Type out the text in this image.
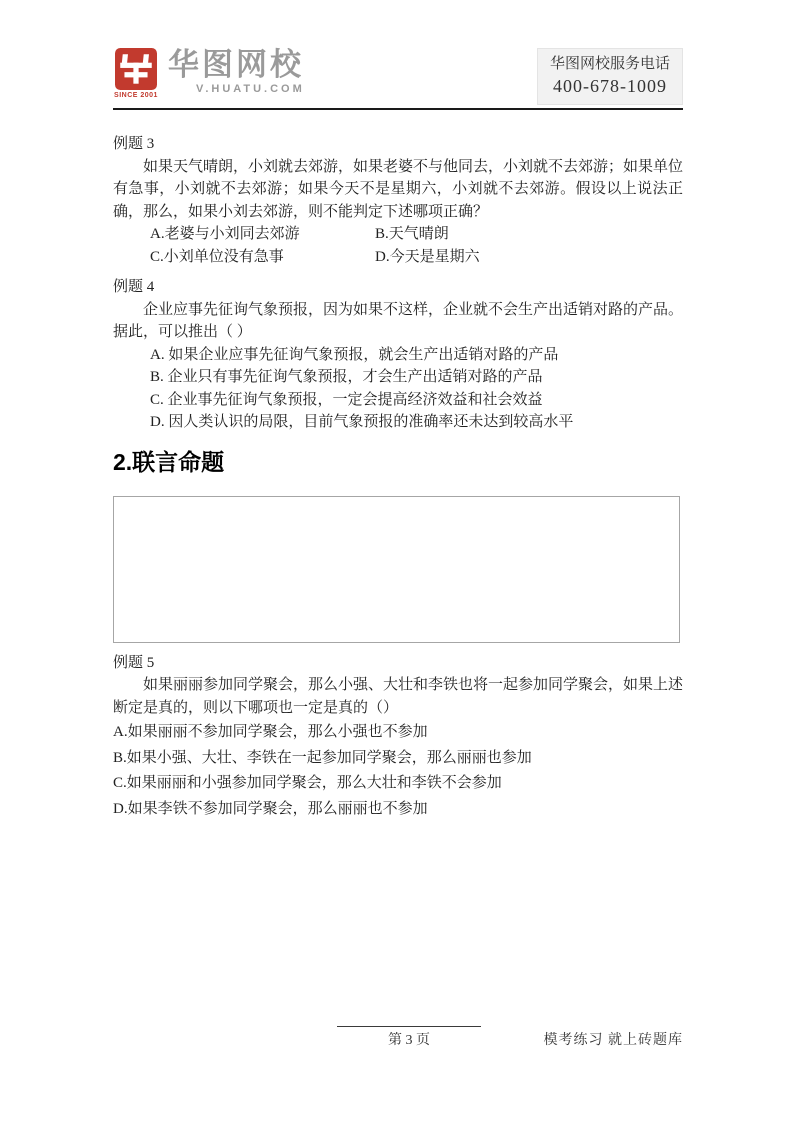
SINCE 2001
华图网校
V.HUATU.COM
华图网校服务电话
400-678-1009
例题 3
如果天气晴朗，小刘就去郊游，如果老婆不与他同去，小刘就不去郊游；如果单位有急事，小刘就不去郊游；如果今天不是星期六，小刘就不去郊游。假设以上说法正确，那么，如果小刘去郊游，则不能判定下述哪项正确？
A.老婆与小刘同去郊游	B.天气晴朗
C.小刘单位没有急事	D.今天是星期六
例题 4
企业应事先征询气象预报，因为如果不这样，企业就不会生产出适销对路的产品。据此，可以推出（ ）
A. 如果企业应事先征询气象预报，就会生产出适销对路的产品
B. 企业只有事先征询气象预报，才会生产出适销对路的产品
C. 企业事先征询气象预报，一定会提高经济效益和社会效益
D. 因人类认识的局限，目前气象预报的准确率还未达到较高水平
2.联言命题
例题 5
如果丽丽参加同学聚会，那么小强、大壮和李铁也将一起参加同学聚会，如果上述断定是真的，则以下哪项也一定是真的（）
A.如果丽丽不参加同学聚会，那么小强也不参加
B.如果小强、大壮、李铁在一起参加同学聚会，那么丽丽也参加
C.如果丽丽和小强参加同学聚会，那么大壮和李铁不会参加
D.如果李铁不参加同学聚会，那么丽丽也不参加
第 3 页	模考练习 就上砖题库
